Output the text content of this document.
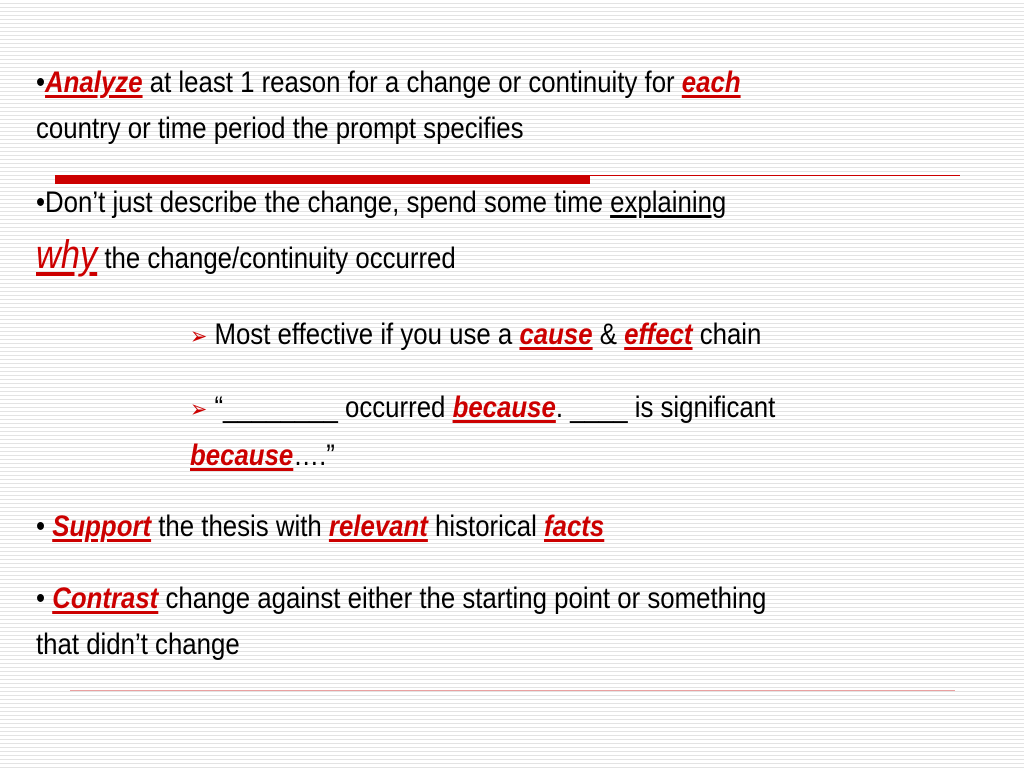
•Analyze at least 1 reason for a change or continuity for each
country or time period the prompt specifies
•Don’t just describe the change, spend some time explaining
why the change/continuity occurred
➢ Most effective if you use a cause & effect chain
➢ “________ occurred because. ____ is significant
because….”
• Support the thesis with relevant historical facts
• Contrast change against either the starting point or something
that didn’t change
